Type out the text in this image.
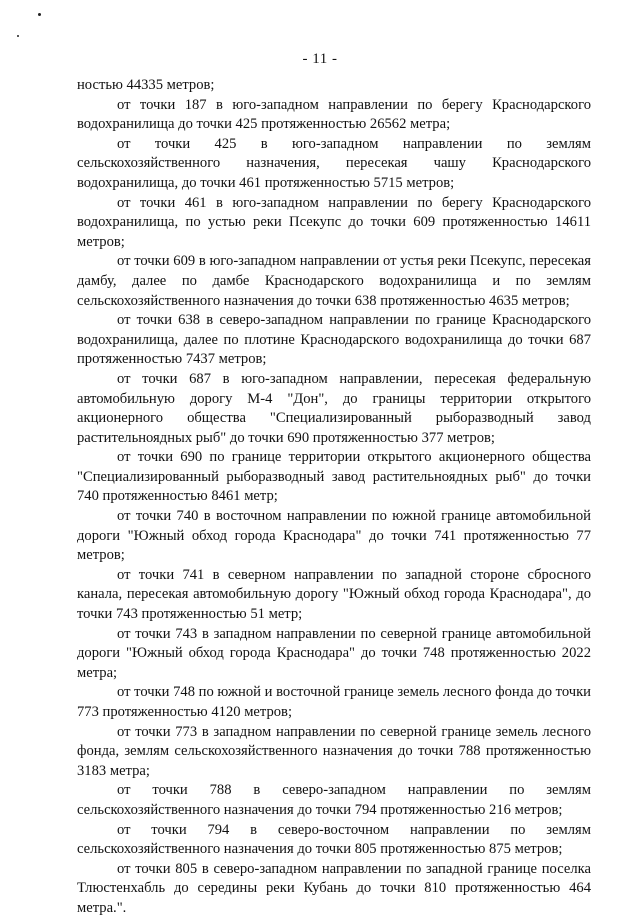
- 11 -

ностью 44335 метров;

от точки 187 в юго-западном направлении по берегу Краснодарского водохранилища до точки 425 протяженностью 26562 метра;

от точки 425 в юго-западном направлении по землям сельскохозяйственного назначения, пересекая чашу Краснодарского водохранилища, до точки 461 протяженностью 5715 метров;

от точки 461 в юго-западном направлении по берегу Краснодарского водохранилища, по устью реки Псекупс до точки 609 протяженностью 14611 метров;

от точки 609 в юго-западном направлении от устья реки Псекупс, пересекая дамбу, далее по дамбе Краснодарского водохранилища и по землям сельскохозяйственного назначения до точки 638 протяженностью 4635 метров;

от точки 638 в северо-западном направлении по границе Краснодарского водохранилища, далее по плотине Краснодарского водохранилища до точки 687 протяженностью 7437 метров;

от точки 687 в юго-западном направлении, пересекая федеральную автомобильную дорогу М-4 "Дон", до границы территории открытого акционерного общества "Специализированный рыборазводный завод растительноядных рыб" до точки 690 протяженностью 377 метров;

от точки 690 по границе территории открытого акционерного общества "Специализированный рыборазводный завод растительноядных рыб" до точки 740 протяженностью 8461 метр;

от точки 740 в восточном направлении по южной границе автомобильной дороги "Южный обход города Краснодара" до точки 741 протяженностью 77 метров;

от точки 741 в северном направлении по западной стороне сбросного канала, пересекая автомобильную дорогу "Южный обход города Краснодара", до точки 743 протяженностью 51 метр;

от точки 743 в западном направлении по северной границе автомобильной дороги "Южный обход города Краснодара" до точки 748 протяженностью 2022 метра;

от точки 748 по южной и восточной границе земель лесного фонда до точки 773 протяженностью 4120 метров;

от точки 773 в западном направлении по северной границе земель лесного фонда, землям сельскохозяйственного назначения до точки 788 протяженностью 3183 метра;

от точки 788 в северо-западном направлении по землям сельскохозяйственного назначения до точки 794 протяженностью 216 метров;

от точки 794 в северо-восточном направлении по землям сельскохозяйственного назначения до точки 805 протяженностью 875 метров;

от точки 805 в северо-западном направлении по западной границе поселка Тлюстенхабль до середины реки Кубань до точки 810 протяженностью 464 метра.".
